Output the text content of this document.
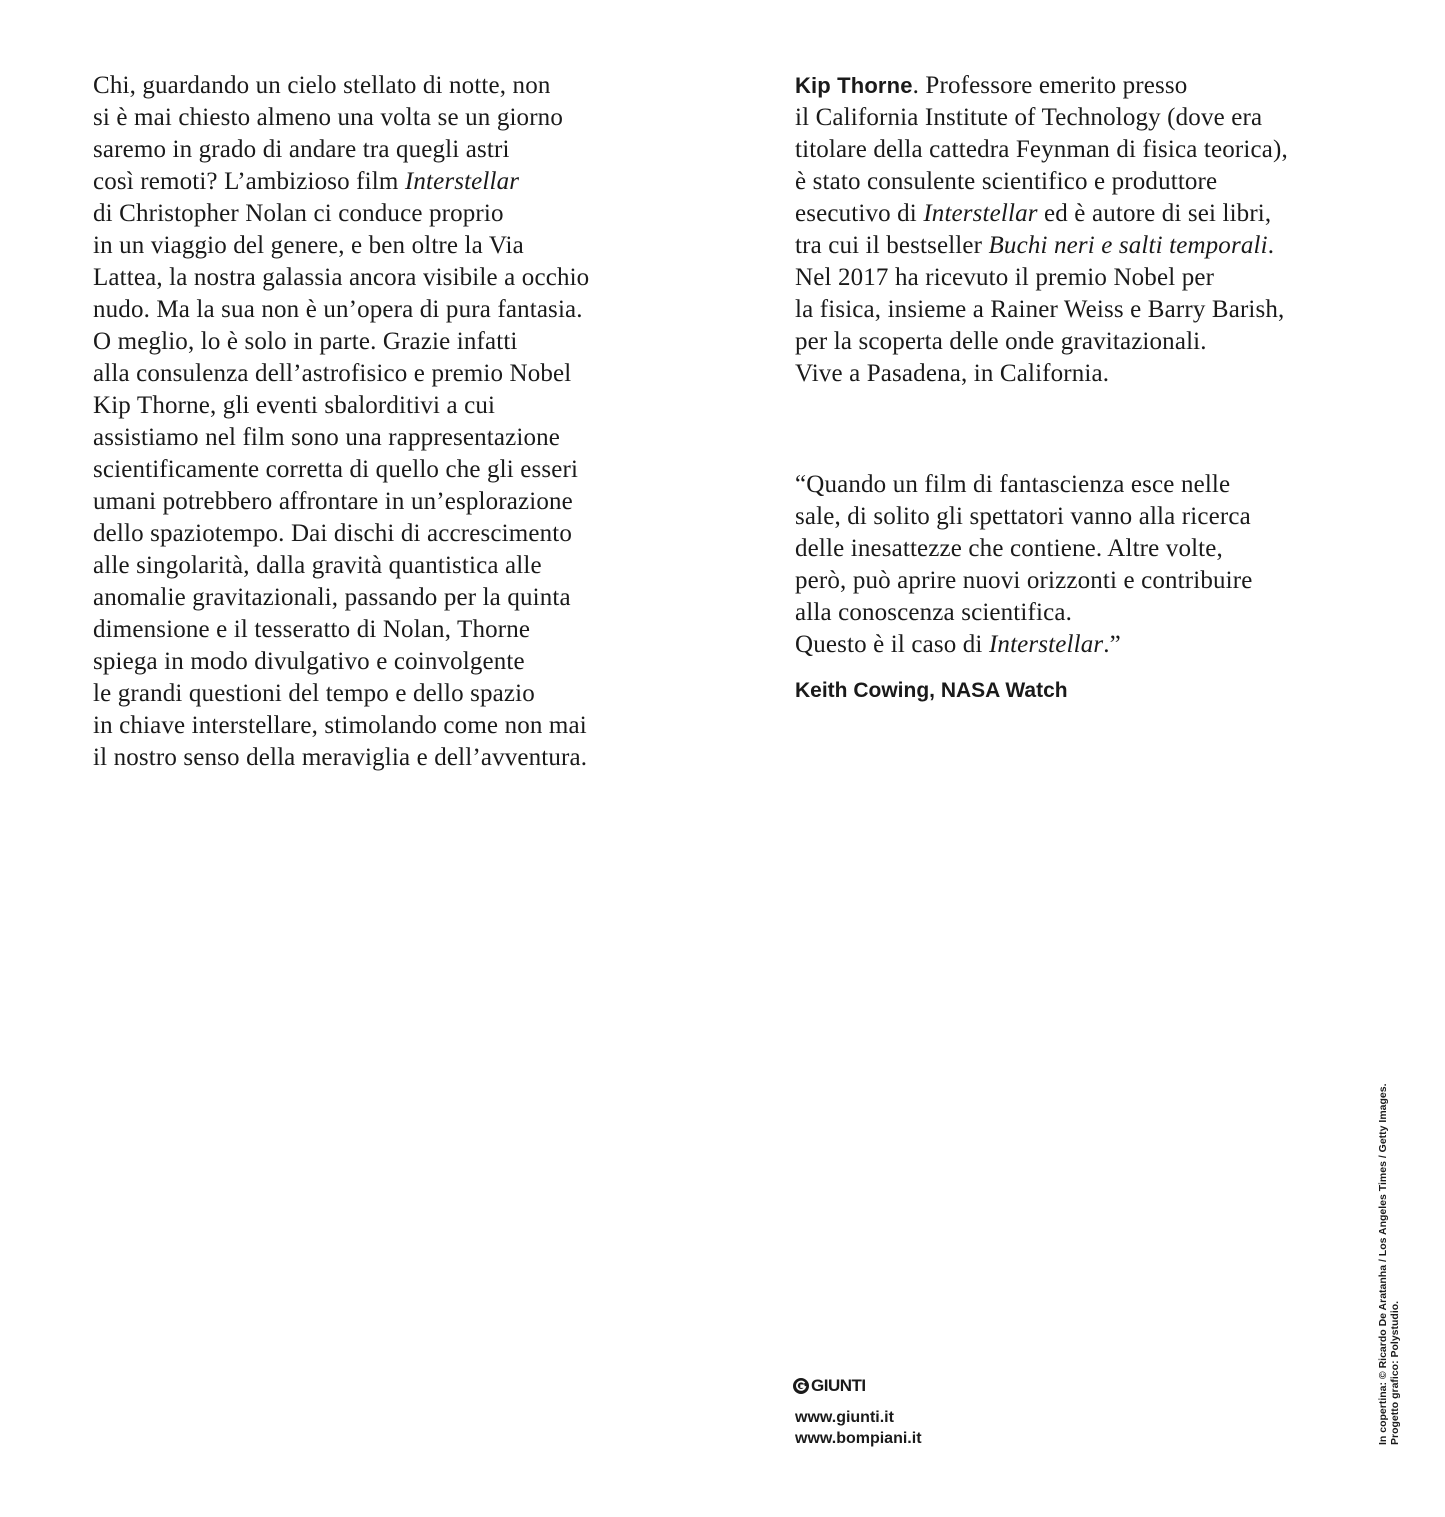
Chi, guardando un cielo stellato di notte, non
si è mai chiesto almeno una volta se un giorno
saremo in grado di andare tra quegli astri
così remoti? L’ambizioso film Interstellar
di Christopher Nolan ci conduce proprio
in un viaggio del genere, e ben oltre la Via
Lattea, la nostra galassia ancora visibile a occhio
nudo. Ma la sua non è un’opera di pura fantasia.
O meglio, lo è solo in parte. Grazie infatti
alla consulenza dell’astrofisico e premio Nobel
Kip Thorne, gli eventi sbalorditivi a cui
assistiamo nel film sono una rappresentazione
scientificamente corretta di quello che gli esseri
umani potrebbero affrontare in un’esplorazione
dello spaziotempo. Dai dischi di accrescimento
alle singolarità, dalla gravità quantistica alle
anomalie gravitazionali, passando per la quinta
dimensione e il tesseratto di Nolan, Thorne
spiega in modo divulgativo e coinvolgente
le grandi questioni del tempo e dello spazio
in chiave interstellare, stimolando come non mai
il nostro senso della meraviglia e dell’avventura.
Kip Thorne. Professore emerito presso
il California Institute of Technology (dove era
titolare della cattedra Feynman di fisica teorica),
è stato consulente scientifico e produttore
esecutivo di Interstellar ed è autore di sei libri,
tra cui il bestseller Buchi neri e salti temporali.
Nel 2017 ha ricevuto il premio Nobel per
la fisica, insieme a Rainer Weiss e Barry Barish,
per la scoperta delle onde gravitazionali.
Vive a Pasadena, in California.
“Quando un film di fantascienza esce nelle
sale, di solito gli spettatori vanno alla ricerca
delle inesattezze che contiene. Altre volte,
però, può aprire nuovi orizzonti e contribuire
alla conoscenza scientifica.
Questo è il caso di Interstellar.”
Keith Cowing, NASA Watch
GIUNTI
www.giunti.it
www.bompiani.it	In copertina: © Ricardo De Aratanha / Los Angeles Times / Getty Images. Progetto grafico: Polystudio.
